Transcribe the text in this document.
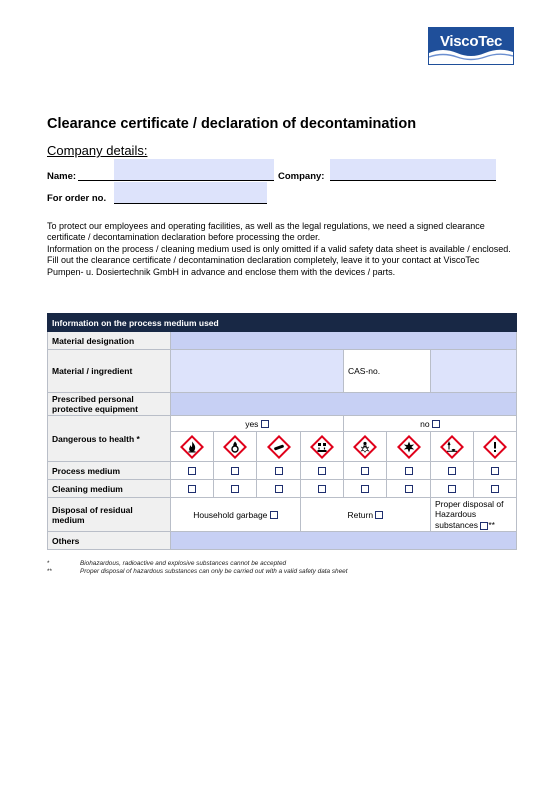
ViscoTec
Clearance certificate / declaration of decontamination
Company details:
Name:	Company:
For order no.

To protect our employees and operating facilities, as well as the legal regulations, we need a signed clearance certificate / decontamination declaration before processing the order.

Information on the process / cleaning medium used is only omitted if a valid safety data sheet is available / enclosed.

Fill out the clearance certificate / decontamination declaration completely, leave it to your contact at ViscoTec Pumpen- u. Dosiertechnik GmbH in advance and enclose them with the devices / parts.

Information on the process medium used								
Material designation								
Material / ingredient					CAS-no.			
Prescribed personal protective equipment								
Dangerous to health *	yes				no			

Process medium								
Cleaning medium								
Disposal of residual medium	Household garbage			Return			Proper disposal of Hazardous substances **	
Others								
*	Biohazardous, radioactive and explosive substances cannot be accepted
**	Proper disposal of hazardous substances can only be carried out with a valid safety data sheet
